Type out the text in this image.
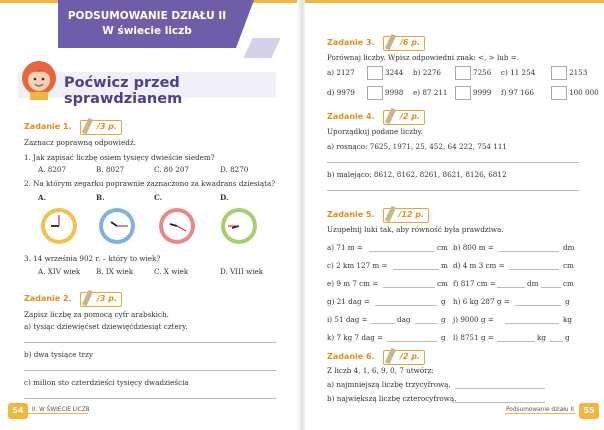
PODSUMOWANIE DZIAŁU II
W świecie liczb
Poćwicz przed sprawdzianem
Zadanie 1.	/3 p.
Zaznacz poprawną odpowiedź.
1. Jak zapisać liczbę osiem tysięcy dwieście siedem?
A. 8207	B. 8027	C. 80 207	D. 8270
2. Na którym zegarku poprawnie zaznaczono za kwadrans dziesiąta?
A.	B.	C.	D.
3. 14 września 902 r. – który to wiek?
A. XIV wiek B. IX wiek	C. X wiek	D. VIII wiek
Zadanie 2.	/3 p.
Zapisz liczbę za pomocą cyfr arabskich.
a) tysiąc dziewięćset dziewięćdziesiąt cztery.
b) dwa tysiące trzy
c) milion sto czterdzieści tysięcy dwadzieścia
54	II. W ŚWIECIE LICZB
Zadanie 3.	/6 p.
Porównaj liczby. Wpisz odpowiedni znak: <, > lub =.
a) 2127	3244 b) 2276	7256 c) 11 254	2153
d) 9979	9998 e) 87 211	9999 f) 97 166	100 000
Zadanie 4.	/2 p.
Uporządkuj podane liczby.
a) rosnąco: 7625, 1971, 25, 452, 64 222, 754 111
b) malejąco: 8612, 8162, 8261, 8621, 8126, 6812
Zadanie 5.	/12 p.
Uzupełnij luki tak, aby równość była prawdziwa.
a) 71 m =	cm b) 800 m =	dm
c) 2 km 127 m =	m d) 4 m 3 cm =	cm
e) 9 m 7 cm =	cm f) 817 cm =	dm	cm
g) 21 dag =	g h) 6 kg 287 g =	g
i) 51 dag =	dag	g j) 9000 g =	kg
k) 7 kg 7 dag =	g l) 8751 g =	kg	g
Zadanie 6.	/2 p.
Z liczb 4, 1, 6, 9, 0, 7 utwórz:
a) najmniejszą liczbę trzycyfrową,
b) największą liczbę czterocyfrową.
Podsumowanie działu II	55
